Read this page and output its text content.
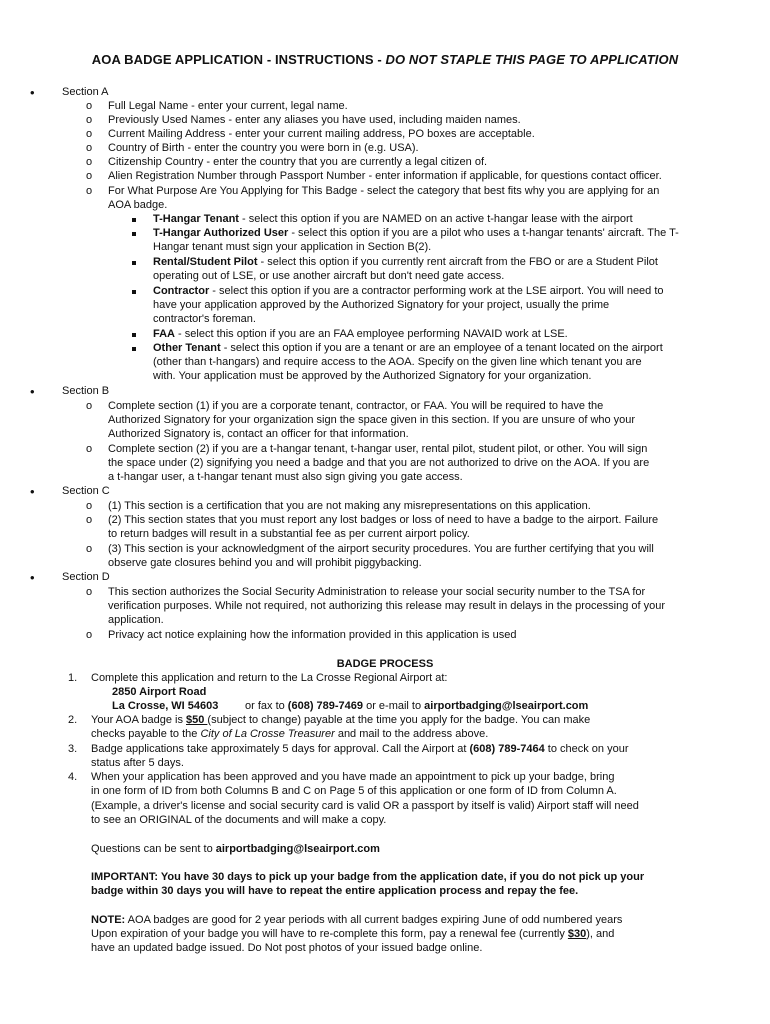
AOA BADGE APPLICATION - INSTRUCTIONS - DO NOT STAPLE THIS PAGE TO APPLICATION
• Section A

o Full Legal Name - enter your current, legal name.

o Previously Used Names - enter any aliases you have used, including maiden names.

o Current Mailing Address - enter your current mailing address, PO boxes are acceptable.

o Country of Birth - enter the country you were born in (e.g. USA).

o Citizenship Country - enter the country that you are currently a legal citizen of.

o Alien Registration Number through Passport Number - enter information if applicable, for questions contact officer.

o For What Purpose Are You Applying for This Badge - select the category that best fits why you are applying for an

AOA badge.

T-Hangar Tenant - select this option if you are NAMED on an active t-hangar lease with the airport

T-Hangar Authorized User - select this option if you are a pilot who uses a t-hangar tenants' aircraft. The T-

Hangar tenant must sign your application in Section B(2).

Rental/Student Pilot - select this option if you currently rent aircraft from the FBO or are a Student Pilot

operating out of LSE, or use another aircraft but don't need gate access.

Contractor - select this option if you are a contractor performing work at the LSE airport. You will need to

have your application approved by the Authorized Signatory for your project, usually the prime

contractor's foreman.

FAA - select this option if you are an FAA employee performing NAVAID work at LSE.

Other Tenant - select this option if you are a tenant or are an employee of a tenant located on the airport

(other than t-hangars) and require access to the AOA. Specify on the given line which tenant you are

with. Your application must be approved by the Authorized Signatory for your organization.

• Section B

o Complete section (1) if you are a corporate tenant, contractor, or FAA. You will be required to have the

Authorized Signatory for your organization sign the space given in this section. If you are unsure of who your

Authorized Signatory is, contact an officer for that information.

o Complete section (2) if you are a t-hangar tenant, t-hangar user, rental pilot, student pilot, or other. You will sign

the space under (2) signifying you need a badge and that you are not authorized to drive on the AOA. If you are

a t-hangar user, a t-hangar tenant must also sign giving you gate access.

• Section C

o (1) This section is a certification that you are not making any misrepresentations on this application.

o (2) This section states that you must report any lost badges or loss of need to have a badge to the airport. Failure

to return badges will result in a substantial fee as per current airport policy.

o (3) This section is your acknowledgment of the airport security procedures. You are further certifying that you will

observe gate closures behind you and will prohibit piggybacking.

• Section D

o This section authorizes the Social Security Administration to release your social security number to the TSA for

verification purposes. While not required, not authorizing this release may result in delays in the processing of your

application.

o Privacy act notice explaining how the information provided in this application is used

BADGE PROCESS

1. Complete this application and return to the La Crosse Regional Airport at:

2850 Airport Road

La Crosse, WI 54603 or fax to (608) 789-7469 or e-mail to airportbadging@lseairport.com

2. Your AOA badge is $50 (subject to change) payable at the time you apply for the badge. You can make

checks payable to the City of La Crosse Treasurer and mail to the address above.

3. Badge applications take approximately 5 days for approval. Call the Airport at (608) 789-7464 to check on your

status after 5 days.

4. When your application has been approved and you have made an appointment to pick up your badge, bring

in one form of ID from both Columns B and C on Page 5 of this application or one form of ID from Column A.

(Example, a driver's license and social security card is valid OR a passport by itself is valid) Airport staff will need

to see an ORIGINAL of the documents and will make a copy.

Questions can be sent to airportbadging@lseairport.com

IMPORTANT: You have 30 days to pick up your badge from the application date, if you do not pick up your

badge within 30 days you will have to repeat the entire application process and repay the fee.

NOTE: AOA badges are good for 2 year periods with all current badges expiring June of odd numbered years

Upon expiration of your badge you will have to re-complete this form, pay a renewal fee (currently $30), and

have an updated badge issued. Do Not post photos of your issued badge online.
